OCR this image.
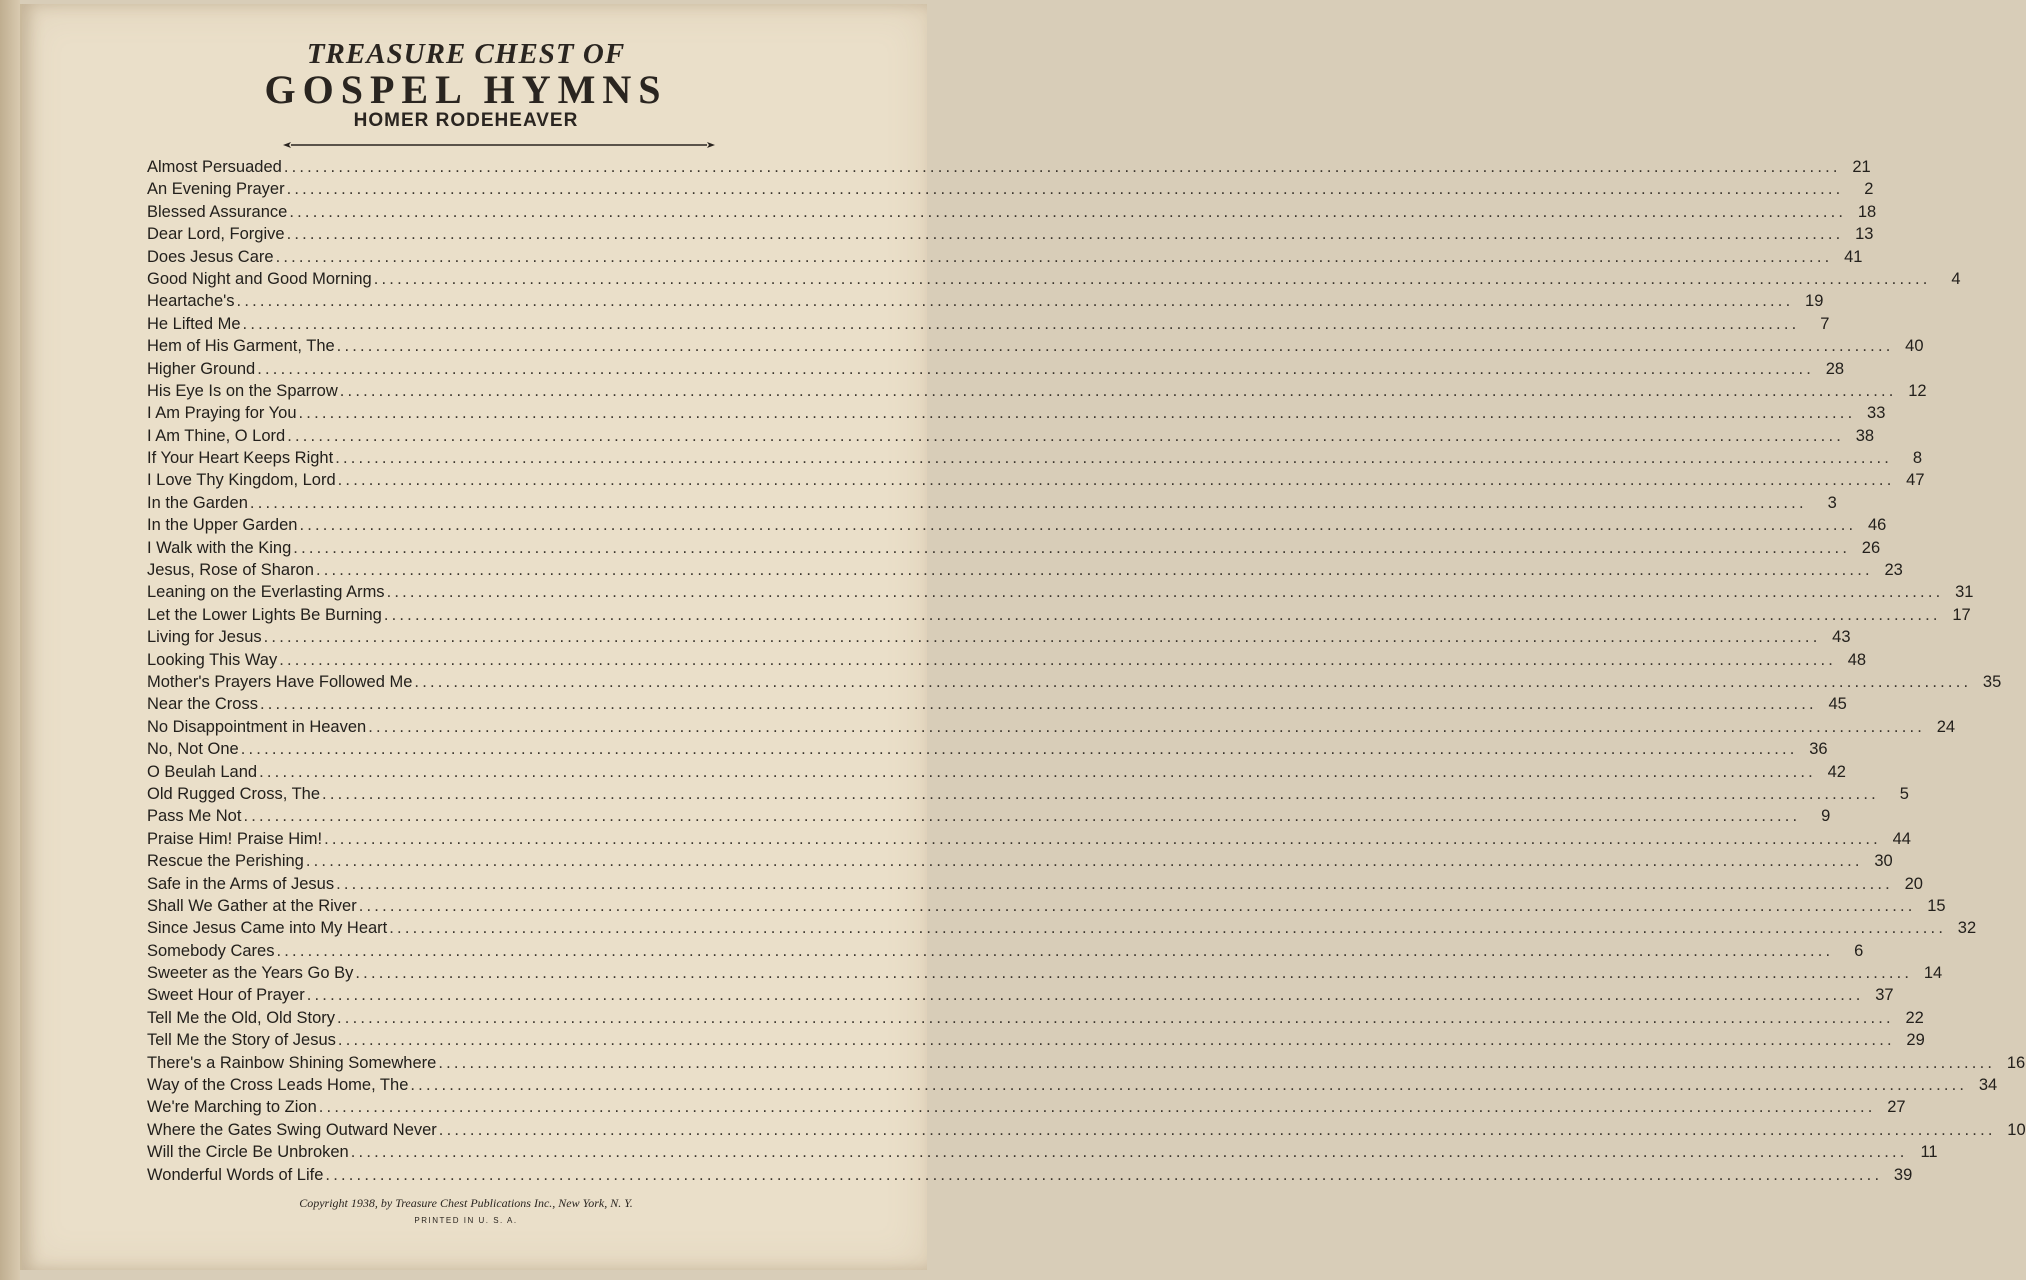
TREASURE CHEST OF
GOSPEL HYMNS
HOMER RODEHEAVER
Almost Persuaded ........................................................................................................................................................................................................ 21
An Evening Prayer ........................................................................................................................................................................................................	2
Blessed Assurance ........................................................................................................................................................................................................ 18
Dear Lord, Forgive ........................................................................................................................................................................................................ 13
Does Jesus Care ........................................................................................................................................................................................................ 41
Good Night and Good Morning ........................................................................................................................................................................................................	4
Heartache's ........................................................................................................................................................................................................ 19
He Lifted Me ........................................................................................................................................................................................................	7
Hem of His Garment, The ........................................................................................................................................................................................................ 40
Higher Ground ........................................................................................................................................................................................................ 28
His Eye Is on the Sparrow ........................................................................................................................................................................................................ 12
I Am Praying for You ........................................................................................................................................................................................................ 33
I Am Thine, O Lord ........................................................................................................................................................................................................ 38
If Your Heart Keeps Right ........................................................................................................................................................................................................	8
I Love Thy Kingdom, Lord ........................................................................................................................................................................................................ 47
In the Garden ........................................................................................................................................................................................................	3
In the Upper Garden ........................................................................................................................................................................................................ 46
I Walk with the King ........................................................................................................................................................................................................ 26
Jesus, Rose of Sharon ........................................................................................................................................................................................................ 23
Leaning on the Everlasting Arms ........................................................................................................................................................................................................ 31
Let the Lower Lights Be Burning ........................................................................................................................................................................................................ 17
Living for Jesus ........................................................................................................................................................................................................ 43
Looking This Way ........................................................................................................................................................................................................ 48
Mother's Prayers Have Followed Me ........................................................................................................................................................................................................ 35
Near the Cross ........................................................................................................................................................................................................ 45
No Disappointment in Heaven ........................................................................................................................................................................................................ 24
No, Not One ........................................................................................................................................................................................................ 36
O Beulah Land ........................................................................................................................................................................................................ 42
Old Rugged Cross, The ........................................................................................................................................................................................................	5
Pass Me Not ........................................................................................................................................................................................................	9
Praise Him! Praise Him! ........................................................................................................................................................................................................ 44
Rescue the Perishing ........................................................................................................................................................................................................ 30
Safe in the Arms of Jesus ........................................................................................................................................................................................................ 20
Shall We Gather at the River ........................................................................................................................................................................................................ 15
Since Jesus Came into My Heart ........................................................................................................................................................................................................ 32
Somebody Cares ........................................................................................................................................................................................................	6
Sweeter as the Years Go By ........................................................................................................................................................................................................ 14
Sweet Hour of Prayer ........................................................................................................................................................................................................ 37
Tell Me the Old, Old Story ........................................................................................................................................................................................................ 22
Tell Me the Story of Jesus ........................................................................................................................................................................................................ 29
There's a Rainbow Shining Somewhere ........................................................................................................................................................................................................ 16
Way of the Cross Leads Home, The ........................................................................................................................................................................................................ 34
We're Marching to Zion ........................................................................................................................................................................................................ 27
Where the Gates Swing Outward Never ........................................................................................................................................................................................................ 10
Will the Circle Be Unbroken ........................................................................................................................................................................................................ 11
Wonderful Words of Life ........................................................................................................................................................................................................ 39
Copyright 1938, by Treasure Chest Publications Inc., New York, N. Y.
PRINTED IN U. S. A.
